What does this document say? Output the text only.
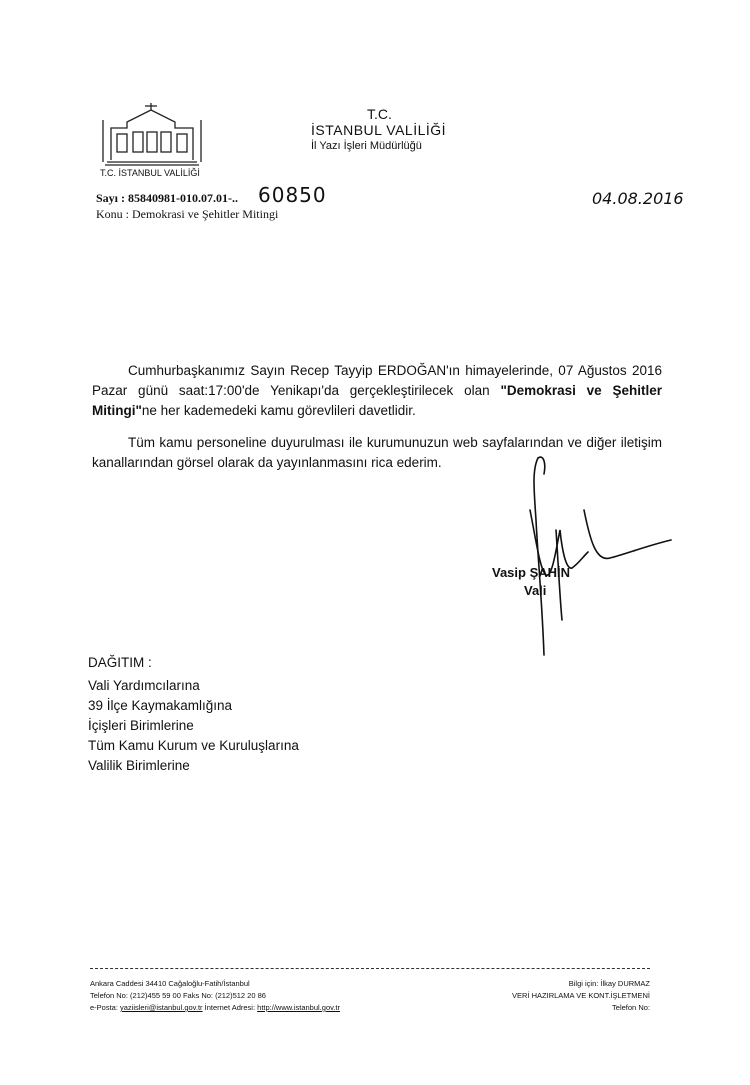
T.C. İSTANBUL VALİLİĞİ
T.C.
İSTANBUL VALİLİĞİ
İl Yazı İşleri Müdürlüğü
Sayı : 85840981-010.07.01-.. 60850	04.08.2016
Konu : Demokrasi ve Şehitler Mitingi
Cumhurbaşkanımız Sayın Recep Tayyip ERDOĞAN'ın himayelerinde, 07 Ağustos 2016 Pazar günü saat:17:00'de Yenikapı'da gerçekleştirilecek olan "Demokrasi ve Şehitler Mitingi"ne her kademedeki kamu görevlileri davetlidir.
Tüm kamu personeline duyurulması ile kurumunuzun web sayfalarından ve diğer iletişim kanallarından görsel olarak da yayınlanmasını rica ederim.
Vasip ŞAHİN
Vali
DAĞITIM :
Vali Yardımcılarına
39 İlçe Kaymakamlığına
İçişleri Birimlerine
Tüm Kamu Kurum ve Kuruluşlarına
Valilik Birimlerine
Ankara Caddesi 34410 Cağaloğlu-Fatih/İstanbul
Telefon No: (212)455 59 00 Faks No: (212)512 20 86
e-Posta: yaziisleri@istanbul.gov.tr İnternet Adresi: http://www.istanbul.gov.tr
Bilgi için: İlkay DURMAZ
VERİ HAZIRLAMA VE KONT.İŞLETMENİ
Telefon No:
